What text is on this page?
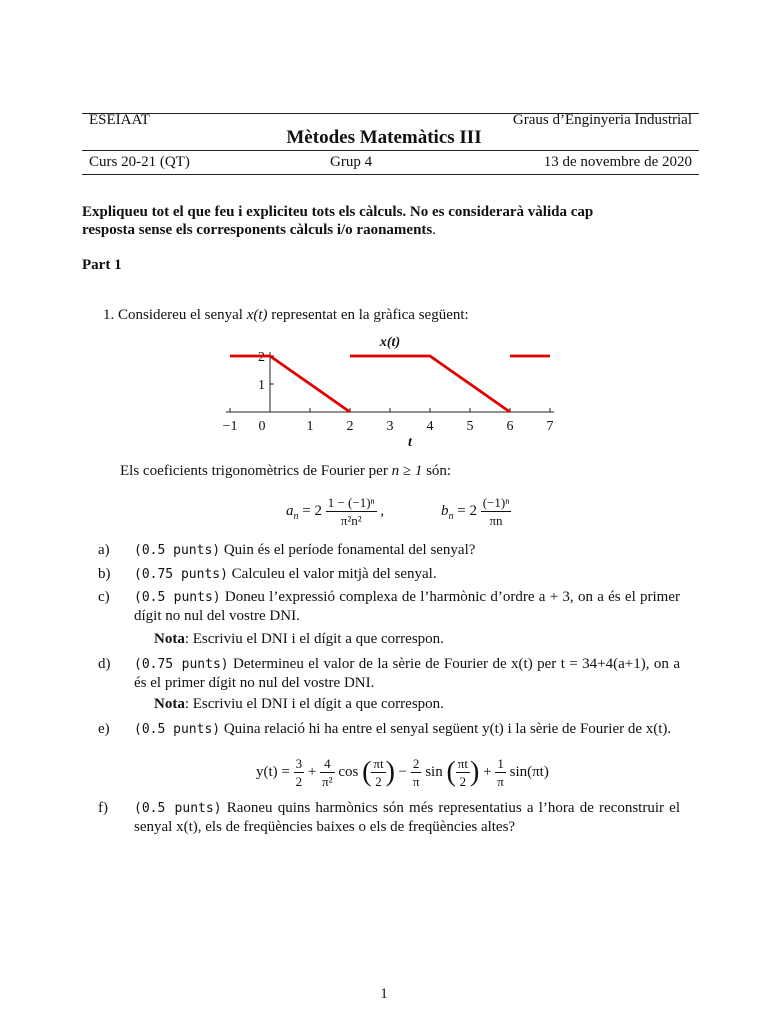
ESEIAAT	Graus d’Enginyeria Industrial
Mètodes Matemàtics III
Curs 20-21 (QT)	Grup 4	13 de novembre de 2020
Expliqueu tot el que feu i expliciteu tots els càlculs. No es considerarà vàlida cap
resposta sense els corresponents càlculs i/o raonaments.
Part 1
1. Considereu el senyal x(t) representat en la gràfica següent:
−1 0	1 2 3 4 5 6 7
1
2
x(t)
t
Els coeficients trigonomètrics de Fourier per n ≥ 1 són:
$a_n = 2 \frac{\text{1 − (−1)ⁿ}}{\text{π²n²}}$ ,	$b_n = 2 \frac{\text{(−1)ⁿ}}{\pi n}$
a)	(0.5 punts) Quin és el període fonamental del senyal?
b)	(0.75 punts) Calculeu el valor mitjà del senyal.
c)	(0.5 punts) Doneu l’expressió complexa de l’harmònic d’ordre a + 3, on a és el primer dígit no nul del vostre DNI.
Nota: Escriviu el DNI i el dígit a que correspon.
d)	(0.75 punts) Determineu el valor de la sèrie de Fourier de x(t) per t = 34+4(a+1), on a és el primer dígit no nul del vostre DNI.
Nota: Escriviu el DNI i el dígit a que correspon.
e)	(0.5 punts) Quina relació hi ha entre el senyal següent y(t) i la sèrie de Fourier de x(t).
$y(t) = \frac{3}{2} + \frac{4}{\text{π²}}$ cos ( $\frac{\pi t}{2}$ ) − $\frac{2}{\pi}$ sin ( $\frac{\pi t}{2}$ ) + $\frac{1}{\pi} \sin(\pi t)$
f)	(0.5 punts) Raoneu quins harmònics són més representatius a l’hora de reconstruir el senyal x(t), els de freqüències baixes o els de freqüències altes?
1
